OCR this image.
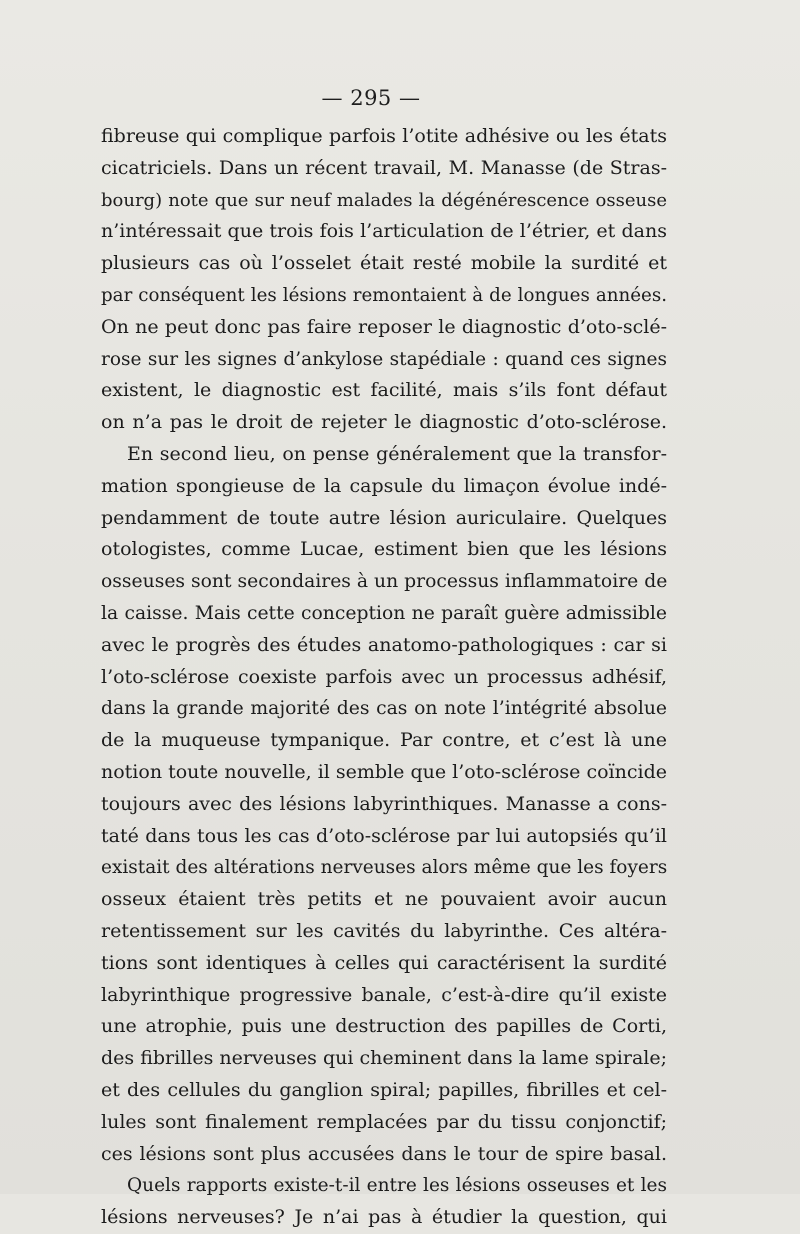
— 295 —
fibreuse qui complique parfois l’otite adhésive ou les états
cicatriciels. Dans un récent travail, M. Manasse (de Stras-
bourg) note que sur neuf malades la dégénérescence osseuse
n’intéressait que trois fois l’articulation de l’étrier, et dans
plusieurs cas où l’osselet était resté mobile la surdité et
par conséquent les lésions remontaient à de longues années.
On ne peut donc pas faire reposer le diagnostic d’oto-sclé-
rose sur les signes d’ankylose stapédiale : quand ces signes
existent, le diagnostic est facilité, mais s’ils font défaut
on n’a pas le droit de rejeter le diagnostic d’oto-sclérose.
En second lieu, on pense généralement que la transfor-
mation spongieuse de la capsule du limaçon évolue indé-
pendamment de toute autre lésion auriculaire. Quelques
otologistes, comme Lucae, estiment bien que les lésions
osseuses sont secondaires à un processus inflammatoire de
la caisse. Mais cette conception ne paraît guère admissible
avec le progrès des études anatomo-pathologiques : car si
l’oto-sclérose coexiste parfois avec un processus adhésif,
dans la grande majorité des cas on note l’intégrité absolue
de la muqueuse tympanique. Par contre, et c’est là une
notion toute nouvelle, il semble que l’oto-sclérose coïncide
toujours avec des lésions labyrinthiques. Manasse a cons-
taté dans tous les cas d’oto-sclérose par lui autopsiés qu’il
existait des altérations nerveuses alors même que les foyers
osseux étaient très petits et ne pouvaient avoir aucun
retentissement sur les cavités du labyrinthe. Ces altéra-
tions sont identiques à celles qui caractérisent la surdité
labyrinthique progressive banale, c’est-à-dire qu’il existe
une atrophie, puis une destruction des papilles de Corti,
des fibrilles nerveuses qui cheminent dans la lame spirale;
et des cellules du ganglion spiral; papilles, fibrilles et cel-
lules sont finalement remplacées par du tissu conjonctif;
ces lésions sont plus accusées dans le tour de spire basal.
Quels rapports existe-t-il entre les lésions osseuses et les
lésions nerveuses? Je n’ai pas à étudier la question, qui
